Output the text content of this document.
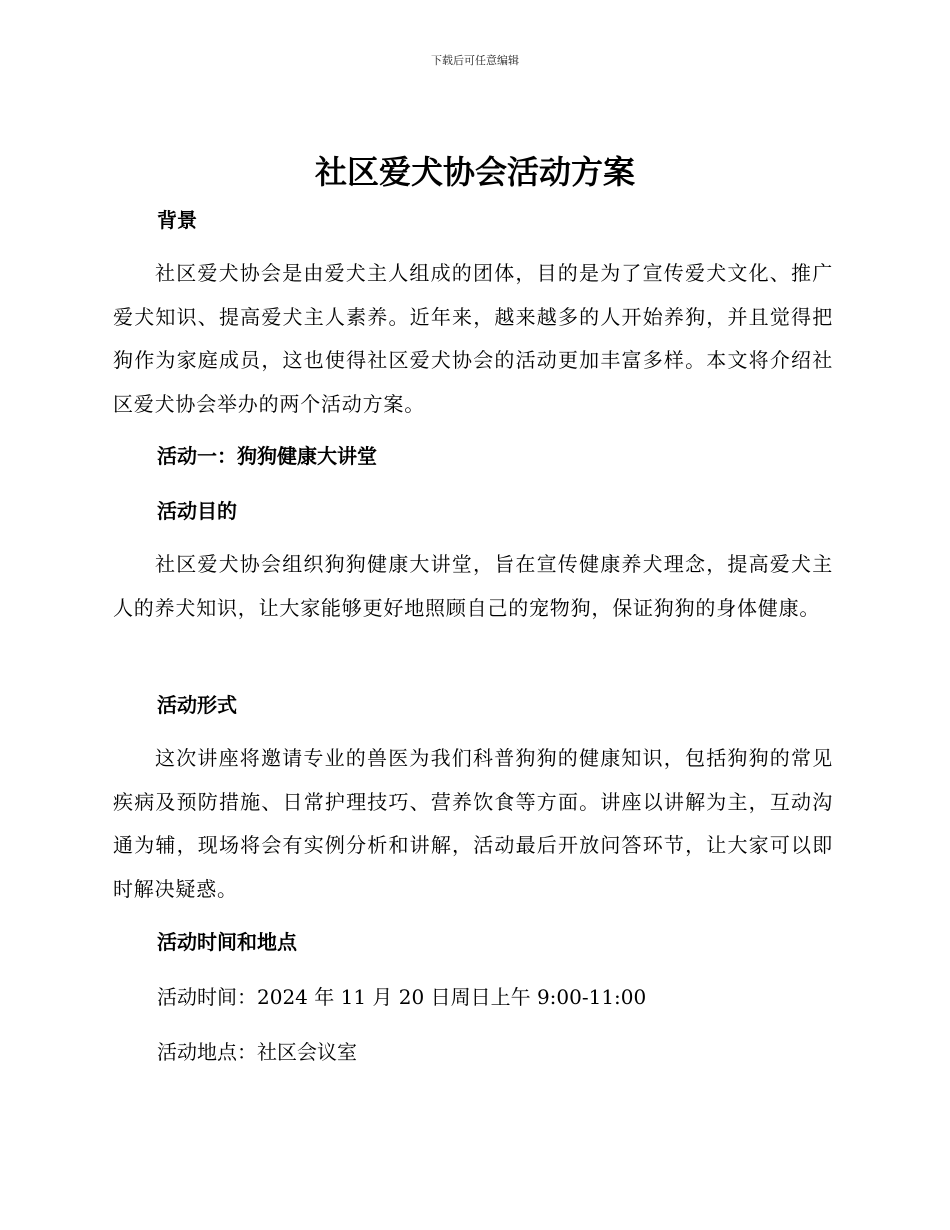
下载后可任意编辑
社区爱犬协会活动方案
背景

社区爱犬协会是由爱犬主人组成的团体，目的是为了宣传爱犬文化、推广爱犬知识、提高爱犬主人素养。近年来，越来越多的人开始养狗，并且觉得把狗作为家庭成员，这也使得社区爱犬协会的活动更加丰富多样。本文将介绍社区爱犬协会举办的两个活动方案。

活动一：狗狗健康大讲堂
活动目的

社区爱犬协会组织狗狗健康大讲堂，旨在宣传健康养犬理念，提高爱犬主人的养犬知识，让大家能够更好地照顾自己的宠物狗，保证狗狗的身体健康。

活动形式

这次讲座将邀请专业的兽医为我们科普狗狗的健康知识，包括狗狗的常见疾病及预防措施、日常护理技巧、营养饮食等方面。讲座以讲解为主，互动沟通为辅，现场将会有实例分析和讲解，活动最后开放问答环节，让大家可以即时解决疑惑。

活动时间和地点

活动时间：2024 年 11 月 20 日周日上午 9:00-11:00

活动地点：社区会议室
